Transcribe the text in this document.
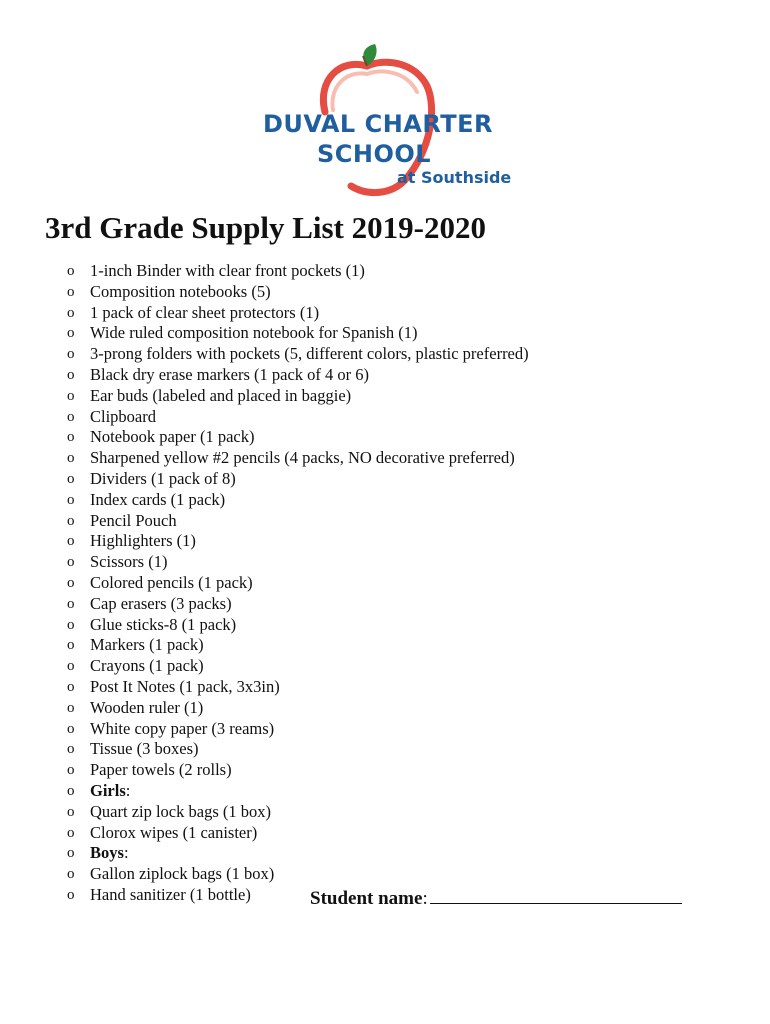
DUVAL CHARTER
SCHOOL
at Southside
3rd Grade Supply List 2019-2020
o 1-inch Binder with clear front pockets (1)
o Composition notebooks (5)
o 1 pack of clear sheet protectors (1)
o Wide ruled composition notebook for Spanish (1)
o 3-prong folders with pockets (5, different colors, plastic preferred)
o Black dry erase markers (1 pack of 4 or 6)
o Ear buds (labeled and placed in baggie)
o Clipboard
o Notebook paper (1 pack)
o Sharpened yellow #2 pencils (4 packs, NO decorative preferred)
o Dividers (1 pack of 8)
o Index cards (1 pack)
o Pencil Pouch
o Highlighters (1)
o Scissors (1)
o Colored pencils (1 pack)
o Cap erasers (3 packs)
o Glue sticks-8 (1 pack)
o Markers (1 pack)
o Crayons (1 pack)
o Post It Notes (1 pack, 3x3in)
o Wooden ruler (1)
o White copy paper (3 reams)
o Tissue (3 boxes)
o Paper towels (2 rolls)
o Girls:
o Quart zip lock bags (1 box)
o Clorox wipes (1 canister)
o Boys:
o Gallon ziplock bags (1 box)
o Hand sanitizer (1 bottle)	Student name:
